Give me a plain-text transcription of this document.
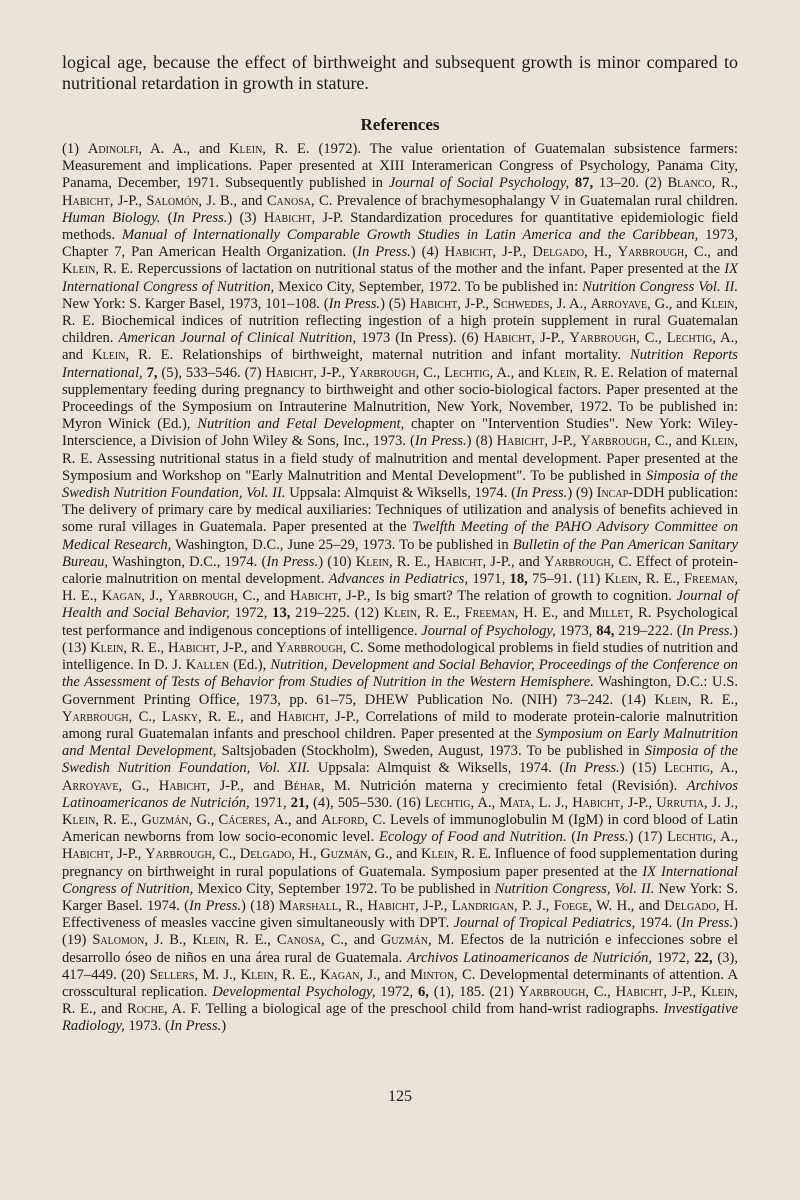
logical age, because the effect of birthweight and subsequent growth is minor compared to nutritional retardation in growth in stature.

References

(1) Adinolfi, A. A., and Klein, R. E. (1972). The value orientation of Guatemalan subsistence farmers: Measurement and implications. Paper presented at XIII Interamerican Congress of Psychology, Panama City, Panama, December, 1971. Subsequently published in Journal of Social Psychology, 87, 13–20. (2) Blanco, R., Habicht, J-P., Salomón, J. B., and Canosa, C. Prevalence of brachymesophalangy V in Guatemalan rural children. Human Biology. (In Press.) (3) Habicht, J-P. Standardization procedures for quantitative epidemiologic field methods. Manual of Internationally Comparable Growth Studies in Latin America and the Caribbean, 1973, Chapter 7, Pan American Health Organization. (In Press.) (4) Habicht, J-P., Delgado, H., Yarbrough, C., and Klein, R. E. Repercussions of lactation on nutritional status of the mother and the infant. Paper presented at the IX International Congress of Nutrition, Mexico City, September, 1972. To be published in: Nutrition Congress Vol. II. New York: S. Karger Basel, 1973, 101–108. (In Press.) (5) Habicht, J-P., Schwedes, J. A., Arroyave, G., and Klein, R. E. Biochemical indices of nutrition reflecting ingestion of a high protein supplement in rural Guatemalan children. American Journal of Clinical Nutrition, 1973 (In Press). (6) Habicht, J-P., Yarbrough, C., Lechtig, A., and Klein, R. E. Relationships of birthweight, maternal nutrition and infant mortality. Nutrition Reports International, 7, (5), 533–546. (7) Habicht, J-P., Yarbrough, C., Lechtig, A., and Klein, R. E. Relation of maternal supplementary feeding during pregnancy to birthweight and other socio-biological factors. Paper presented at the Proceedings of the Symposium on Intrauterine Malnutrition, New York, November, 1972. To be published in: Myron Winick (Ed.), Nutrition and Fetal Development, chapter on "Intervention Studies". New York: Wiley-Interscience, a Division of John Wiley & Sons, Inc., 1973. (In Press.) (8) Habicht, J-P., Yarbrough, C., and Klein, R. E. Assessing nutritional status in a field study of malnutrition and mental development. Paper presented at the Symposium and Workshop on "Early Malnutrition and Mental Development". To be published in Simposia of the Swedish Nutrition Foundation, Vol. II. Uppsala: Almquist & Wiksells, 1974. (In Press.) (9) Incap-DDH publication: The delivery of primary care by medical auxiliaries: Techniques of utilization and analysis of benefits achieved in some rural villages in Guatemala. Paper presented at the Twelfth Meeting of the PAHO Advisory Committee on Medical Research, Washington, D.C., June 25–29, 1973. To be published in Bulletin of the Pan American Sanitary Bureau, Washington, D.C., 1974. (In Press.) (10) Klein, R. E., Habicht, J-P., and Yarbrough, C. Effect of protein-calorie malnutrition on mental development. Advances in Pediatrics, 1971, 18, 75–91. (11) Klein, R. E., Freeman, H. E., Kagan, J., Yarbrough, C., and Habicht, J-P., Is big smart? The relation of growth to cognition. Journal of Health and Social Behavior, 1972, 13, 219–225. (12) Klein, R. E., Freeman, H. E., and Millet, R. Psychological test performance and indigenous conceptions of intelligence. Journal of Psychology, 1973, 84, 219–222. (In Press.) (13) Klein, R. E., Habicht, J-P., and Yarbrough, C. Some methodological problems in field studies of nutrition and intelligence. In D. J. Kallen (Ed.), Nutrition, Development and Social Behavior, Proceedings of the Conference on the Assessment of Tests of Behavior from Studies of Nutrition in the Western Hemisphere. Washington, D.C.: U.S. Government Printing Office, 1973, pp. 61–75, DHEW Publication No. (NIH) 73–242. (14) Klein, R. E., Yarbrough, C., Lasky, R. E., and Habicht, J-P., Correlations of mild to moderate protein-calorie malnutrition among rural Guatemalan infants and preschool children. Paper presented at the Symposium on Early Malnutrition and Mental Development, Saltsjobaden (Stockholm), Sweden, August, 1973. To be published in Simposia of the Swedish Nutrition Foundation, Vol. XII. Uppsala: Almquist & Wiksells, 1974. (In Press.) (15) Lechtig, A., Arroyave, G., Habicht, J-P., and Béhar, M. Nutrición materna y crecimiento fetal (Revisión). Archivos Latinoamericanos de Nutrición, 1971, 21, (4), 505–530. (16) Lechtig, A., Mata, L. J., Habicht, J-P., Urrutia, J. J., Klein, R. E., Guzmán, G., Cáceres, A., and Alford, C. Levels of immunoglobulin M (IgM) in cord blood of Latin American newborns from low socio-economic level. Ecology of Food and Nutrition. (In Press.) (17) Lechtig, A., Habicht, J-P., Yarbrough, C., Delgado, H., Guzmán, G., and Klein, R. E. Influence of food supplementation during pregnancy on birthweight in rural populations of Guatemala. Symposium paper presented at the IX International Congress of Nutrition, Mexico City, September 1972. To be published in Nutrition Congress, Vol. II. New York: S. Karger Basel. 1974. (In Press.) (18) Marshall, R., Habicht, J-P., Landrigan, P. J., Foege, W. H., and Delgado, H. Effectiveness of measles vaccine given simultaneously with DPT. Journal of Tropical Pediatrics, 1974. (In Press.) (19) Salomon, J. B., Klein, R. E., Canosa, C., and Guzmán, M. Efectos de la nutrición e infecciones sobre el desarrollo óseo de niños en una área rural de Guatemala. Archivos Latinoamericanos de Nutrición, 1972, 22, (3), 417–449. (20) Sellers, M. J., Klein, R. E., Kagan, J., and Minton, C. Developmental determinants of attention. A crosscultural replication. Developmental Psychology, 1972, 6, (1), 185. (21) Yarbrough, C., Habicht, J-P., Klein, R. E., and Roche, A. F. Telling a biological age of the preschool child from hand-wrist radiographs. Investigative Radiology, 1973. (In Press.)

125
